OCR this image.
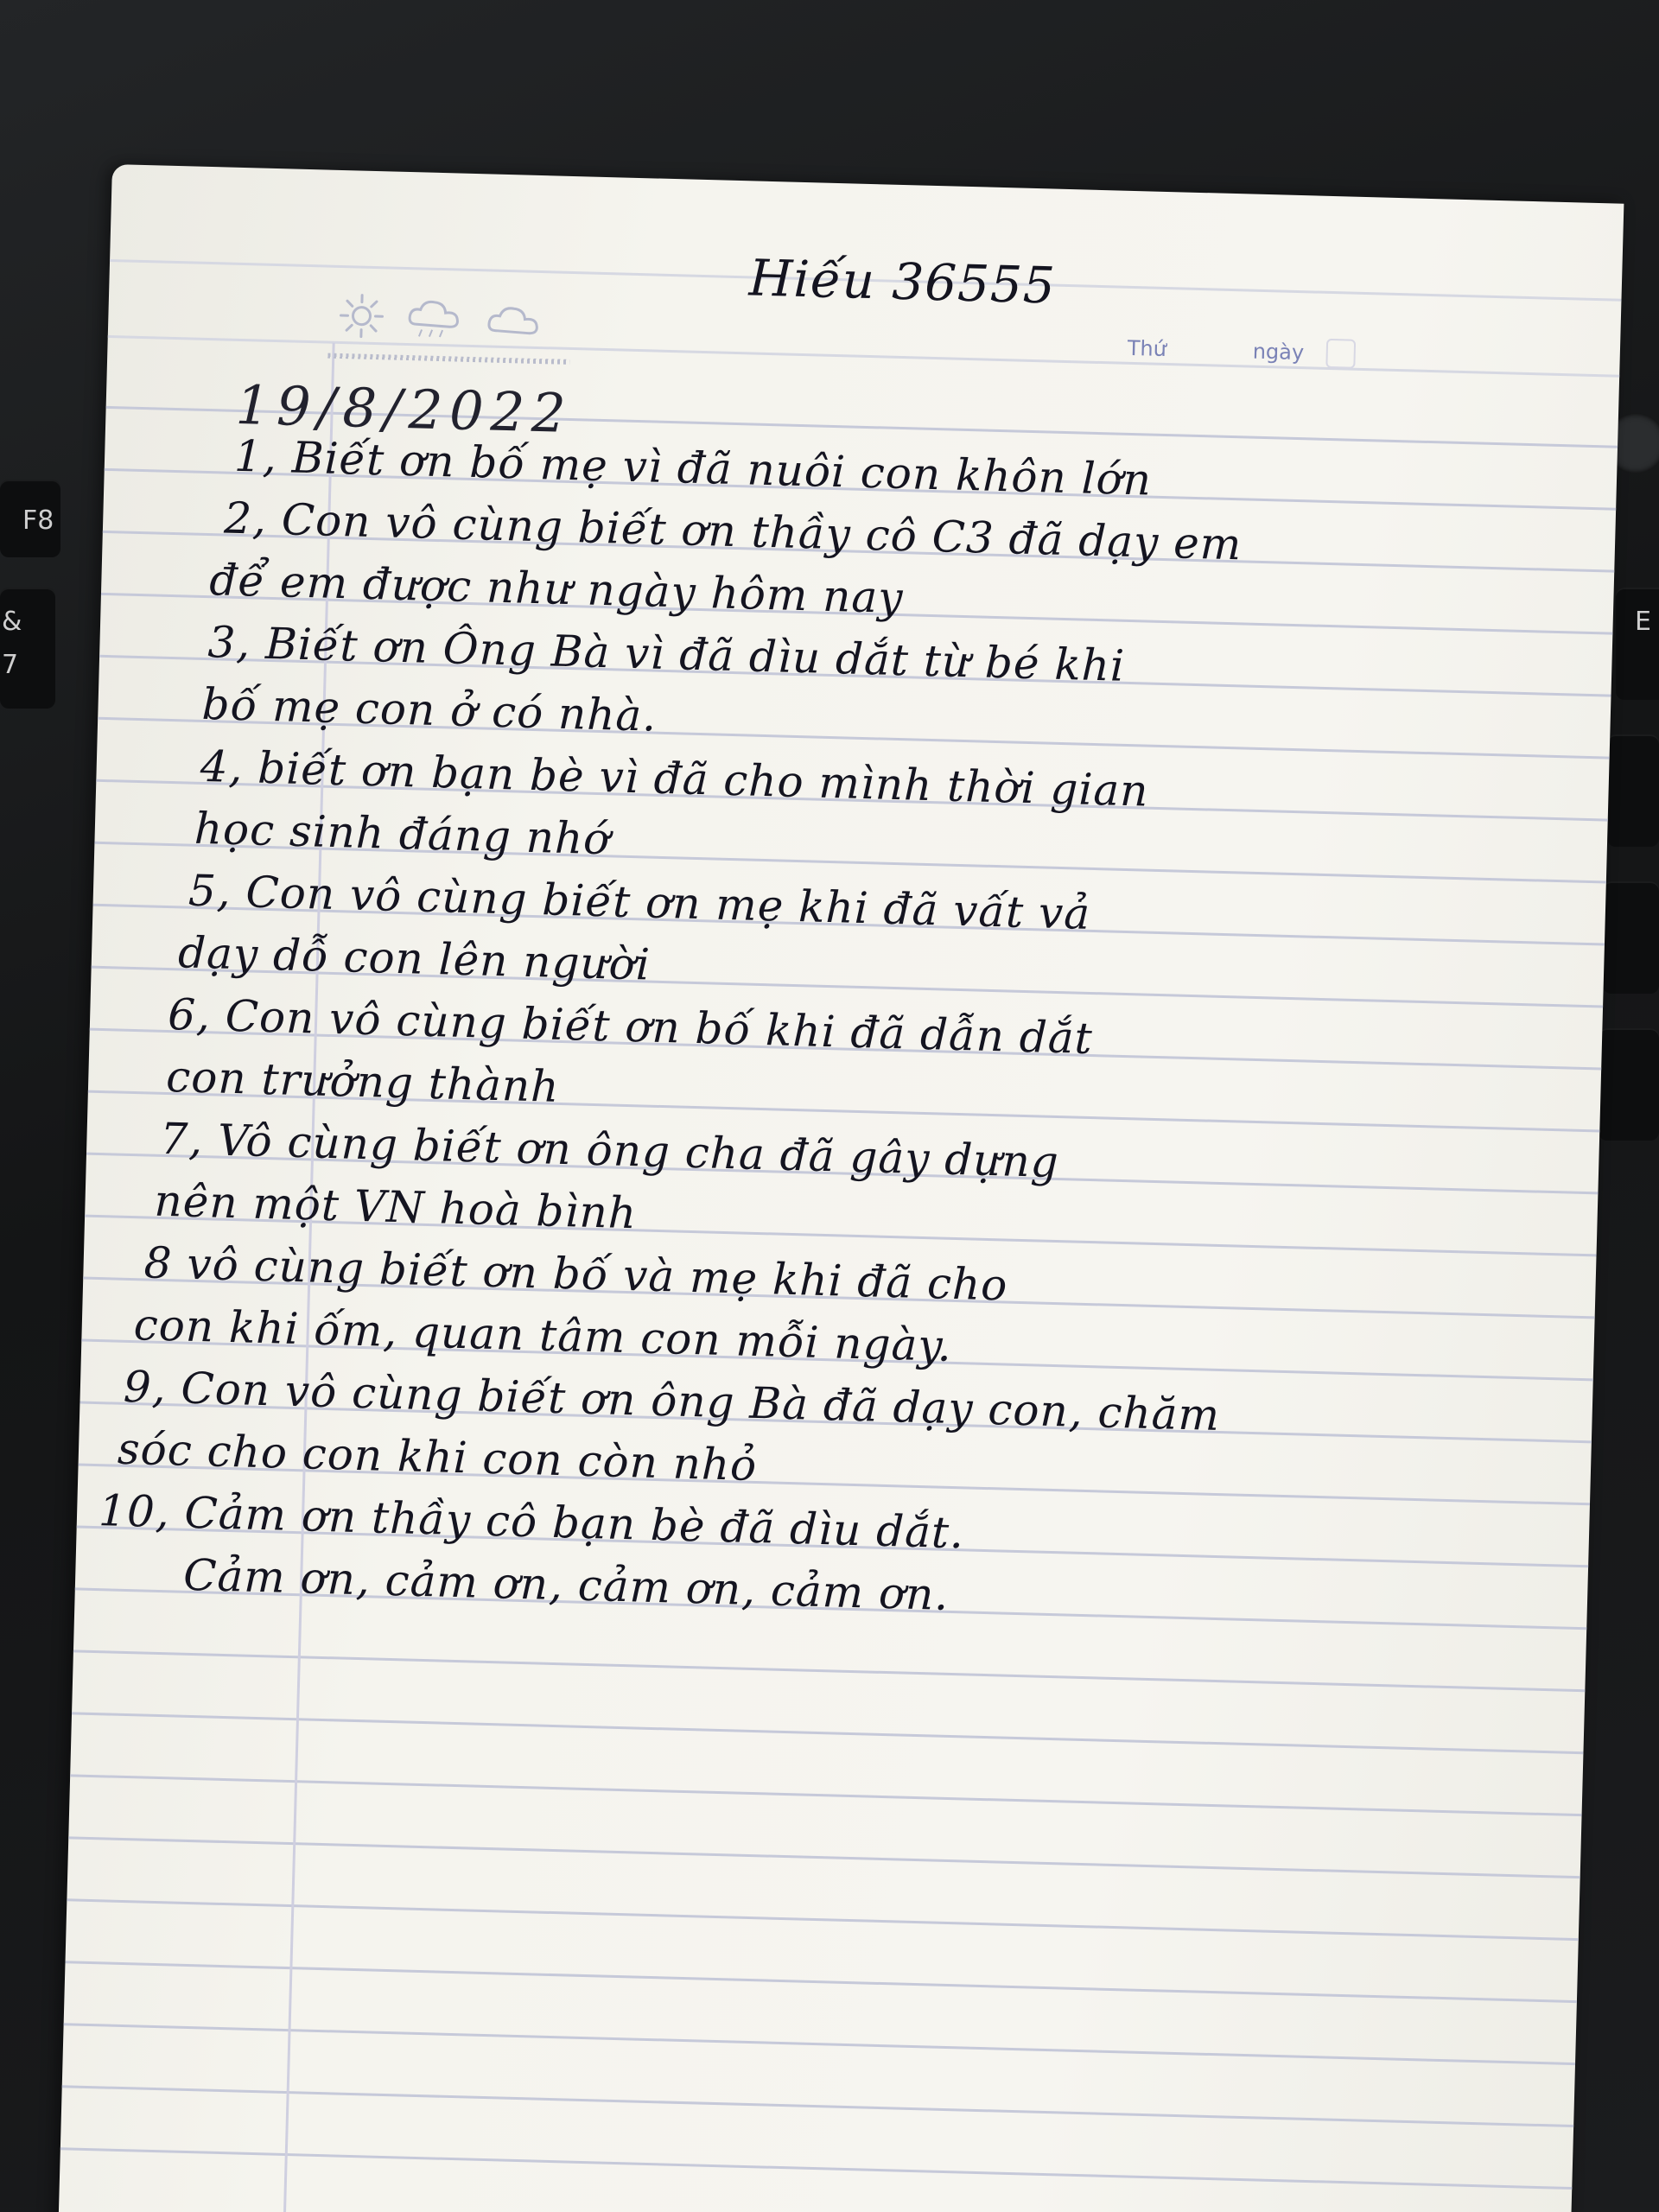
F8
&
7
E
Thứ	ngày
Hiếu 36555
19/8/2022
1, Biết ơn bố mẹ vì đã nuôi con khôn lớn
2, Con vô cùng biết ơn thầy cô C3 đã dạy em
để em được như ngày hôm nay
3, Biết ơn Ông Bà vì đã dìu dắt từ bé khi
bố mẹ con ở có nhà.
4, biết ơn bạn bè vì đã cho mình thời gian
học sinh đáng nhớ
5, Con vô cùng biết ơn mẹ khi đã vất vả
dạy dỗ con lên người
6, Con vô cùng biết ơn bố khi đã dẫn dắt
con trưởng thành
7, Vô cùng biết ơn ông cha đã gây dựng
nên một VN hoà bình
8 vô cùng biết ơn bố và mẹ khi đã cho
con khi ốm, quan tâm con mỗi ngày.
9, Con vô cùng biết ơn ông Bà đã dạy con, chăm
sóc cho con khi con còn nhỏ
10, Cảm ơn thầy cô bạn bè đã dìu dắt.
Cảm ơn, cảm ơn, cảm ơn, cảm ơn.
